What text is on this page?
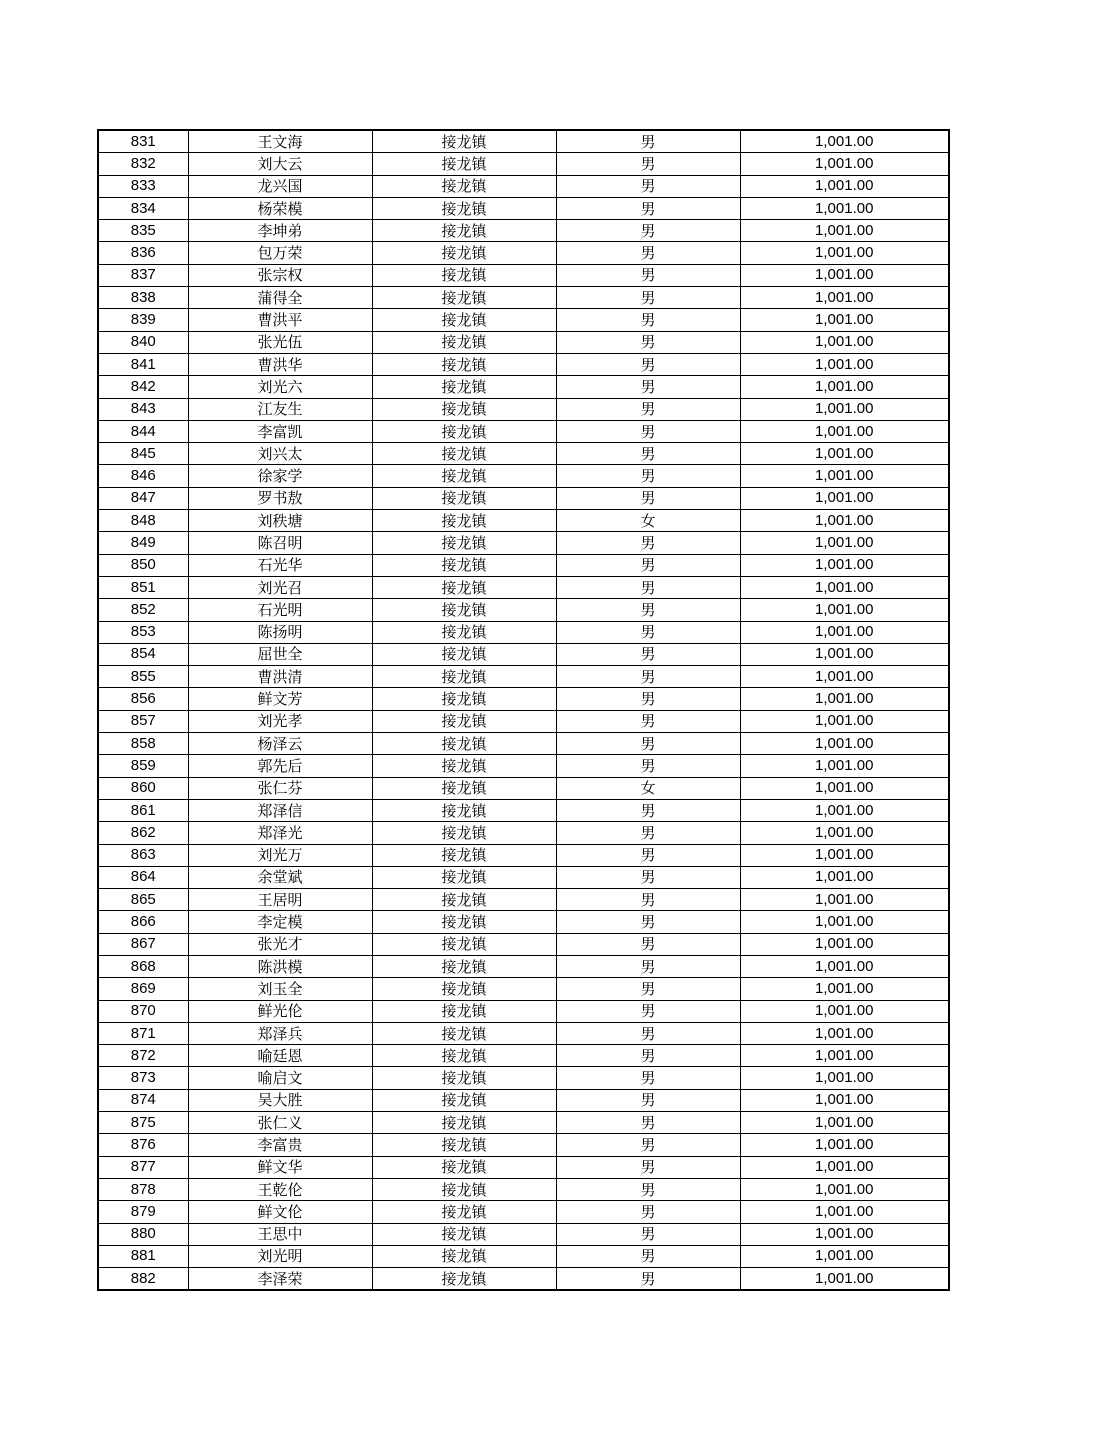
831	王文海	接龙镇	男	1,001.00
832	刘大云	接龙镇	男	1,001.00
833	龙兴国	接龙镇	男	1,001.00
834	杨荣模	接龙镇	男	1,001.00
835	李坤弟	接龙镇	男	1,001.00
836	包万荣	接龙镇	男	1,001.00
837	张宗权	接龙镇	男	1,001.00
838	蒲得全	接龙镇	男	1,001.00
839	曹洪平	接龙镇	男	1,001.00
840	张光伍	接龙镇	男	1,001.00
841	曹洪华	接龙镇	男	1,001.00
842	刘光六	接龙镇	男	1,001.00
843	江友生	接龙镇	男	1,001.00
844	李富凯	接龙镇	男	1,001.00
845	刘兴太	接龙镇	男	1,001.00
846	徐家学	接龙镇	男	1,001.00
847	罗书敖	接龙镇	男	1,001.00
848	刘秩塘	接龙镇	女	1,001.00
849	陈召明	接龙镇	男	1,001.00
850	石光华	接龙镇	男	1,001.00
851	刘光召	接龙镇	男	1,001.00
852	石光明	接龙镇	男	1,001.00
853	陈扬明	接龙镇	男	1,001.00
854	屈世全	接龙镇	男	1,001.00
855	曹洪清	接龙镇	男	1,001.00
856	鲜文芳	接龙镇	男	1,001.00
857	刘光孝	接龙镇	男	1,001.00
858	杨泽云	接龙镇	男	1,001.00
859	郭先后	接龙镇	男	1,001.00
860	张仁芬	接龙镇	女	1,001.00
861	郑泽信	接龙镇	男	1,001.00
862	郑泽光	接龙镇	男	1,001.00
863	刘光万	接龙镇	男	1,001.00
864	余堂斌	接龙镇	男	1,001.00
865	王居明	接龙镇	男	1,001.00
866	李定模	接龙镇	男	1,001.00
867	张光才	接龙镇	男	1,001.00
868	陈洪模	接龙镇	男	1,001.00
869	刘玉全	接龙镇	男	1,001.00
870	鲜光伦	接龙镇	男	1,001.00
871	郑泽兵	接龙镇	男	1,001.00
872	喻廷恩	接龙镇	男	1,001.00
873	喻启文	接龙镇	男	1,001.00
874	吴大胜	接龙镇	男	1,001.00
875	张仁义	接龙镇	男	1,001.00
876	李富贵	接龙镇	男	1,001.00
877	鲜文华	接龙镇	男	1,001.00
878	王乾伦	接龙镇	男	1,001.00
879	鲜文伦	接龙镇	男	1,001.00
880	王思中	接龙镇	男	1,001.00
881	刘光明	接龙镇	男	1,001.00
882	李泽荣	接龙镇	男	1,001.00
